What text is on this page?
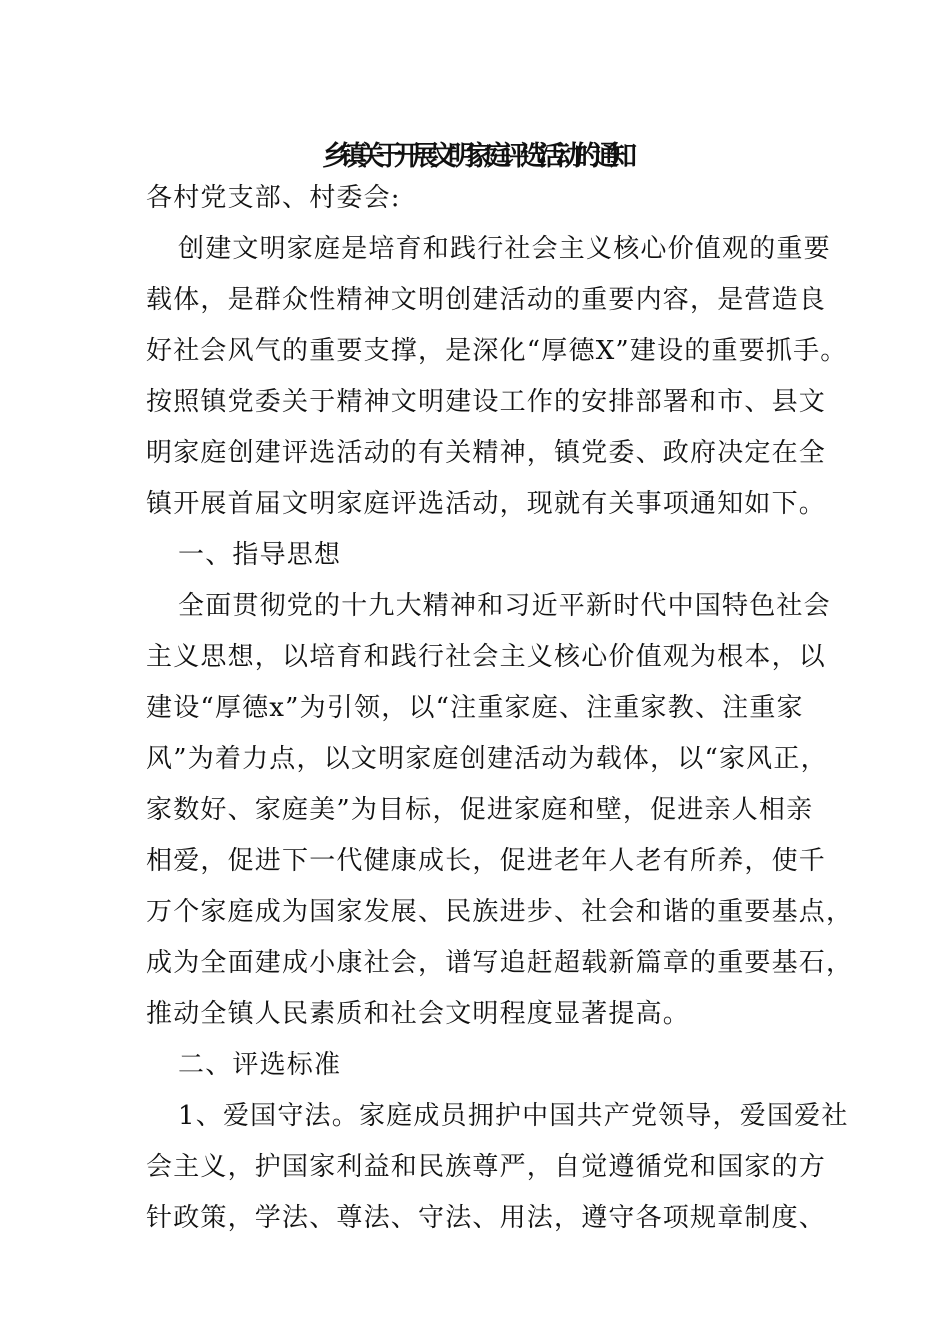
乡镇关于开展文明家庭评选活动的通知
各村党支部、村委会:
创建文明家庭是培育和践行社会主义核心价值观的重要
载体，是群众性精神文明创建活动的重要内容，是营造良
好社会风气的重要支撑，是深化“厚德X”建设的重要抓手。
按照镇党委关于精神文明建设工作的安排部署和市、县文
明家庭创建评选活动的有关精神，镇党委、政府决定在全
镇开展首届文明家庭评选活动，现就有关事项通知如下。
一、指导思想
全面贯彻党的十九大精神和习近平新时代中国特色社会
主义思想，以培育和践行社会主义核心价值观为根本，以
建设“厚德x”为引领，以“注重家庭、注重家教、注重家
风”为着力点，以文明家庭创建活动为载体，以“家风正，
家数好、家庭美”为目标，促进家庭和壁，促进亲人相亲
相爱，促进下一代健康成长，促进老年人老有所养，使千
万个家庭成为国家发展、民族进步、社会和谐的重要基点，
成为全面建成小康社会，谱写追赶超载新篇章的重要基石，
推动全镇人民素质和社会文明程度显著提高。
二、评选标准
1、爱国守法。家庭成员拥护中国共产党领导，爱国爱社
会主义，护国家利益和民族尊严，自觉遵循党和国家的方
针政策，学法、尊法、守法、用法，遵守各项规章制度、
